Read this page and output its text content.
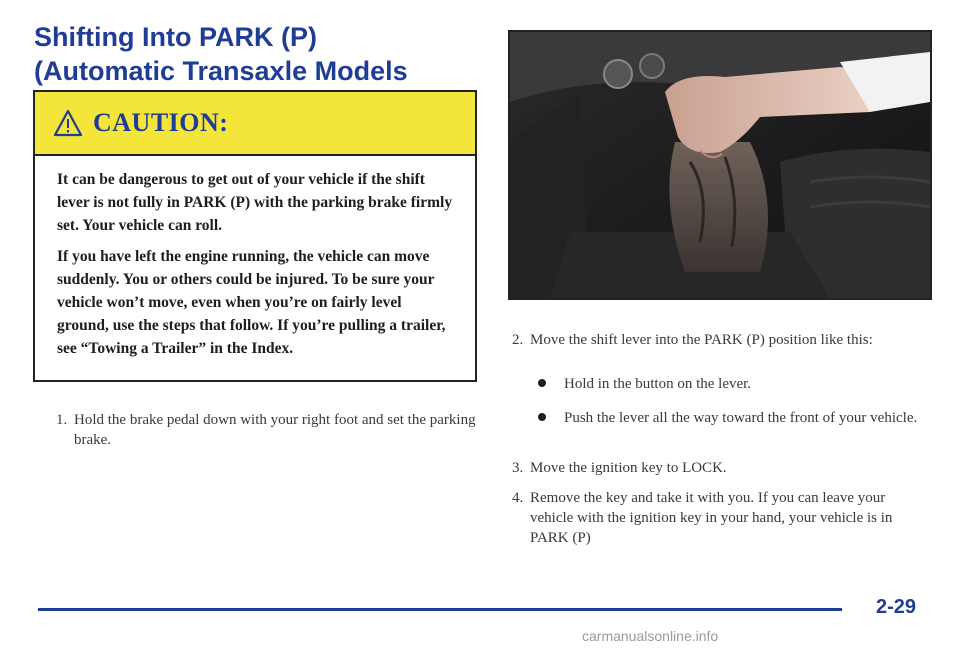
Shifting Into PARK (P)
(Automatic Transaxle Models
CAUTION:

It can be dangerous to get out of your vehicle if the shift lever is not fully in PARK (P) with the parking brake firmly set. Your vehicle can roll.

If you have left the engine running, the vehicle can move suddenly. You or others could be injured. To be sure your vehicle won’t move, even when you’re on fairly level ground, use the steps that follow. If you’re pulling a trailer, see “Towing a Trailer” in the Index.

1. Hold the brake pedal down with your right foot and set the parking brake.
2. Move the shift lever into the PARK (P) position like this:
Hold in the button on the lever.
Push the lever all the way toward the front of your vehicle.
3. Move the ignition key to LOCK.
4. Remove the key and take it with you. If you can leave your vehicle with the ignition key in your hand, your vehicle is in PARK (P)
2-29
carmanualsonline.info
